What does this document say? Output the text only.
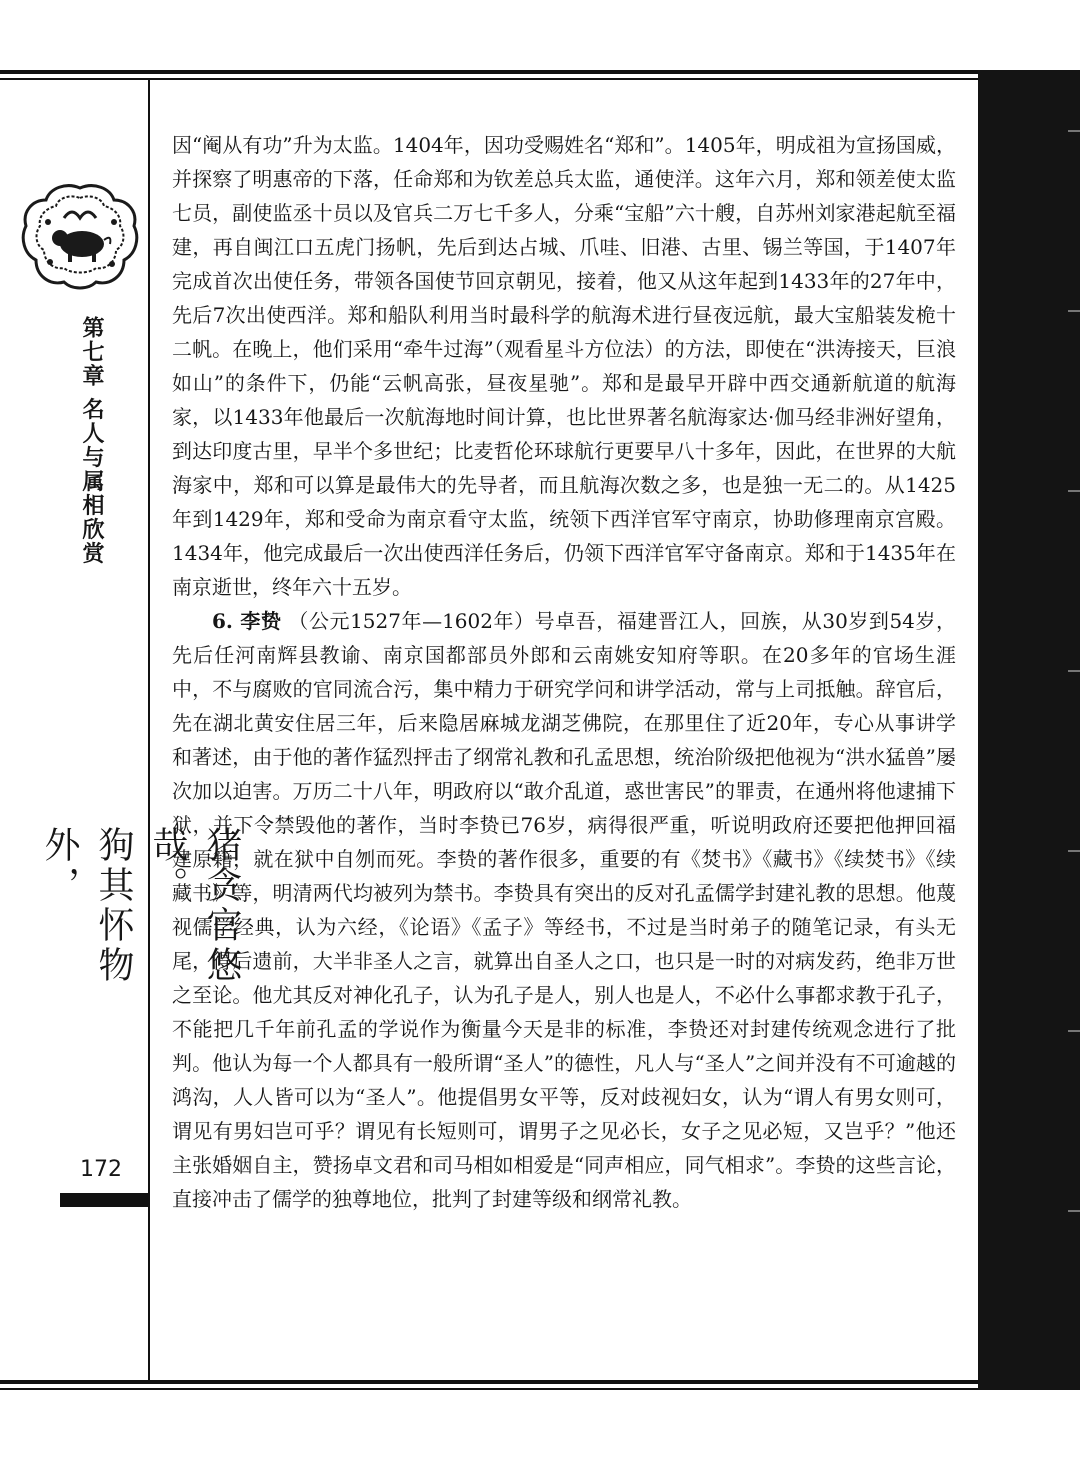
第七章 名人与属相欣赏
猪贪官悠哉。
狗其怀物外，
172

因“阉从有功”升为太监。1404年，因功受赐姓名“郑和”。1405年，明成祖为宣扬国威，并探察了明惠帝的下落，任命郑和为钦差总兵太监，通使洋。这年六月，郑和领差使太监七员，副使监丞十员以及官兵二万七千多人，分乘“宝船”六十艘，自苏州刘家港起航至福建，再自闽江口五虎门扬帆，先后到达占城、爪哇、旧港、古里、锡兰等国，于1407年完成首次出使任务，带领各国使节回京朝见，接着，他又从这年起到1433年的27年中，先后7次出使西洋。郑和船队利用当时最科学的航海术进行昼夜远航，最大宝船装发桅十二帆。在晚上，他们采用“牵牛过海”（观看星斗方位法）的方法，即使在“洪涛接天，巨浪如山”的条件下，仍能“云帆高张，昼夜星驰”。郑和是最早开辟中西交通新航道的航海家，以1433年他最后一次航海地时间计算，也比世界著名航海家达·伽马经非洲好望角，到达印度古里，早半个多世纪；比麦哲伦环球航行更要早八十多年，因此，在世界的大航海家中，郑和可以算是最伟大的先导者，而且航海次数之多，也是独一无二的。从1425年到1429年，郑和受命为南京看守太监，统领下西洋官军守南京，协助修理南京宫殿。1434年，他完成最后一次出使西洋任务后，仍领下西洋官军守备南京。郑和于1435年在南京逝世，终年六十五岁。

6. 李贽 （公元1527年—1602年）号卓吾，福建晋江人，回族，从30岁到54岁，先后任河南辉县教谕、南京国都部员外郎和云南姚安知府等职。在20多年的官场生涯中，不与腐败的官同流合污，集中精力于研究学问和讲学活动，常与上司抵触。辞官后，先在湖北黄安住居三年，后来隐居麻城龙湖芝佛院，在那里住了近20年，专心从事讲学和著述，由于他的著作猛烈抨击了纲常礼教和孔孟思想，统治阶级把他视为“洪水猛兽”屡次加以迫害。万历二十八年，明政府以“敢介乱道，惑世害民”的罪责，在通州将他逮捕下狱，并下令禁毁他的著作，当时李贽已76岁，病得很严重，听说明政府还要把他押回福建原籍，就在狱中自刎而死。李贽的著作很多，重要的有《焚书》《藏书》《续焚书》《续藏书》等，明清两代均被列为禁书。李贽具有突出的反对孔孟儒学封建礼教的思想。他蔑视儒学经典，认为六经，《论语》《孟子》等经书，不过是当时弟子的随笔记录，有头无尾，得后遗前，大半非圣人之言，就算出自圣人之口，也只是一时的对病发药，绝非万世之至论。他尤其反对神化孔子，认为孔子是人，别人也是人，不必什么事都求教于孔子，不能把几千年前孔孟的学说作为衡量今天是非的标准，李贽还对封建传统观念进行了批判。他认为每一个人都具有一般所谓“圣人”的德性，凡人与“圣人”之间并没有不可逾越的鸿沟，人人皆可以为“圣人”。他提倡男女平等，反对歧视妇女，认为“谓人有男女则可，谓见有男妇岂可乎？谓见有长短则可，谓男子之见必长，女子之见必短，又岂乎？”他还主张婚姻自主，赞扬卓文君和司马相如相爱是“同声相应，同气相求”。李贽的这些言论，直接冲击了儒学的独尊地位，批判了封建等级和纲常礼教。
